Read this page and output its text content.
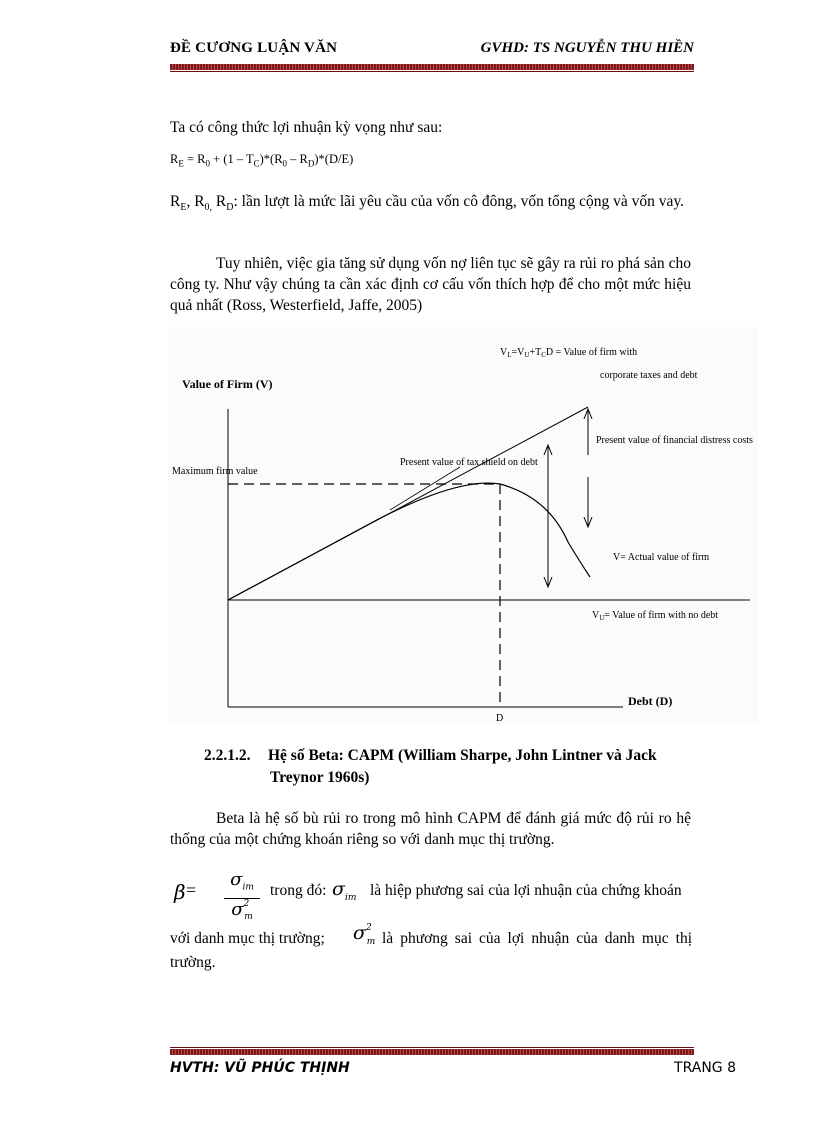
ĐỀ CƯƠNG LUẬN VĂN	GVHD: TS NGUYỄN THU HIỀN

Ta có công thức lợi nhuận kỳ vọng như sau:

$R_E = R_0 + (1 - T_C)*(R_0 - R_D)*(D/E)$

$R_E$, $R_{0,}$ $R_D$: lần lượt là mức lãi yêu cầu của vốn cô đông, vốn tổng cộng và vốn vay.

Tuy nhiên, việc gia tăng sử dụng vốn nợ liên tục sẽ gây ra rủi ro phá sản cho công ty. Như vậy chúng ta cần xác định cơ cấu vốn thích hợp để cho một mức hiệu quả nhất (Ross, Westerfield, Jaffe, 2005)

Value of Firm (V)
Debt (D)
D
Maximum firm value
$V_L=V_U+T_CD$ = Value of firm with
corporate taxes and debt
Present value of financial distress costs
Present value of tax shield on debt
V= Actual value of firm
$V_U=$ Value of firm with no debt
2.2.1.2. Hệ số Beta: CAPM (William Sharpe, John Lintner và Jack
Treynor 1960s)

Beta là hệ số bù rủi ro trong mô hình CAPM để đánh giá mức độ rủi ro hệ thống của một chứng khoán riêng so với danh mục thị trường.

β =	$\sigma_{im}$
$\sigma^2_m$
trong đó: $\sigma_{im}$ là hiệp phương sai của lợi nhuận của chứng khoán
với danh mục thị trường; $\sigma^2_m$ là phương sai của lợi nhuận của danh mục thị
trường.
HVTH: VŨ PHÚC THỊNH	TRANG 8
